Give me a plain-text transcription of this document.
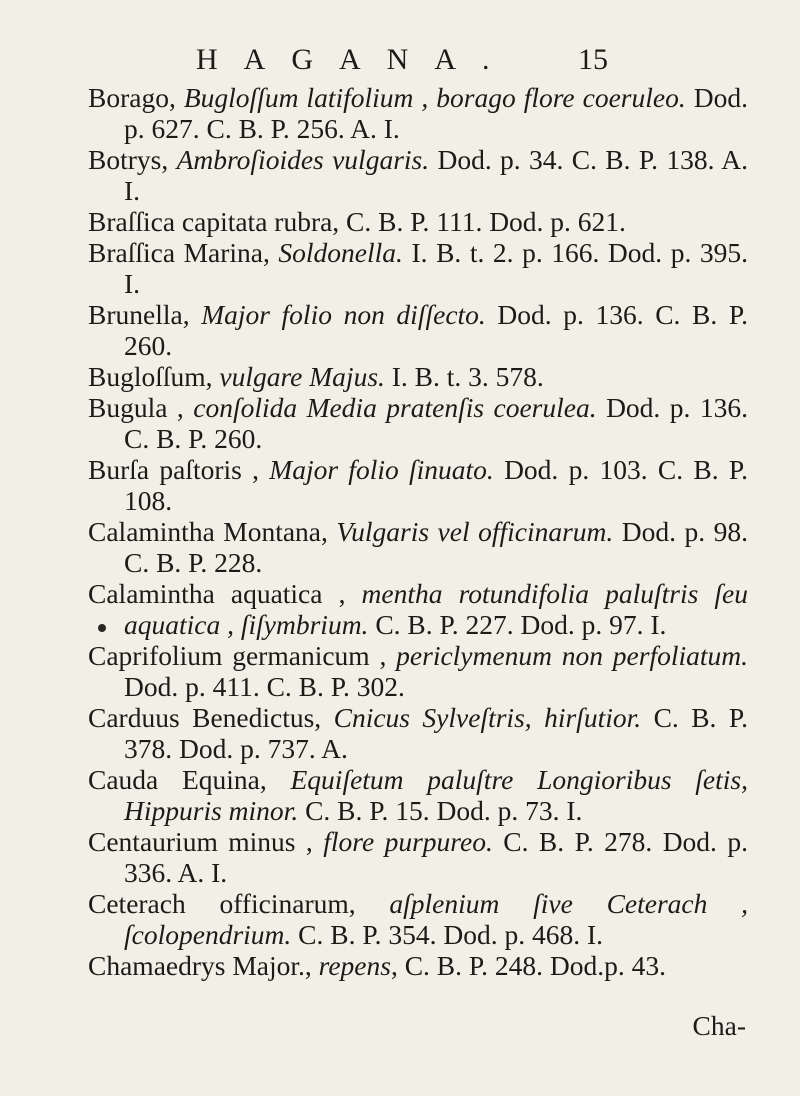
HAGANA. 15
Borago, Bugloſſum latifolium , borago flore coeruleo. Dod. p. 627. C. B. P. 256. A. I.
Botrys, Ambroſioides vulgaris. Dod. p. 34. C. B. P. 138. A. I.
Braſſica capitata rubra, C. B. P. 111. Dod. p. 621.
Braſſica Marina, Soldonella. I. B. t. 2. p. 166. Dod. p. 395. I.
Brunella, Major folio non diſſecto. Dod. p. 136. C. B. P. 260.
Bugloſſum, vulgare Majus. I. B. t. 3. 578.
Bugula , conſolida Media pratenſis coerulea. Dod. p. 136. C. B. P. 260.
Burſa paſtoris , Major folio ſinuato. Dod. p. 103. C. B. P. 108.
Calamintha Montana, Vulgaris vel officinarum. Dod. p. 98. C. B. P. 228.
Calamintha aquatica , mentha rotundifolia paluſtris ſeu aquatica , ſiſymbrium. C. B. P. 227. Dod. p. 97. I.
Caprifolium germanicum , periclymenum non perfoliatum. Dod. p. 411. C. B. P. 302.
Carduus Benedictus, Cnicus Sylveſtris, hirſutior. C. B. P. 378. Dod. p. 737. A.
Cauda Equina, Equiſetum paluſtre Longioribus ſetis, Hippuris minor. C. B. P. 15. Dod. p. 73. I.
Centaurium minus , flore purpureo. C. B. P. 278. Dod. p. 336. A. I.
Ceterach officinarum, aſplenium ſive Ceterach , ſcolopendrium. C. B. P. 354. Dod. p. 468. I.
Chamaedrys Major., repens, C. B. P. 248. Dod.p. 43.
Cha-
